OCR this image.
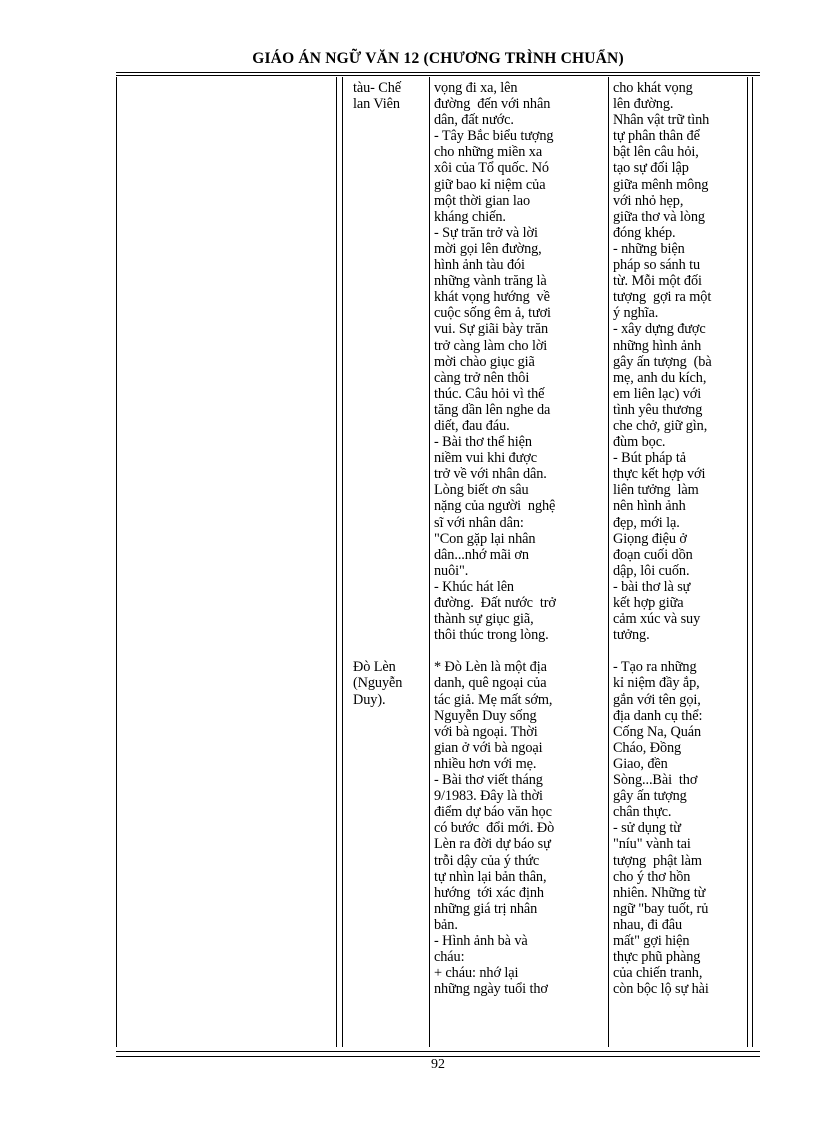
GIÁO ÁN NGỮ VĂN 12 (CHƯƠNG TRÌNH CHUẨN)
tàu- Chế
lan Viên

Đò Lèn
(Nguyễn
Duy).
vọng đi xa, lên
đường  đến với nhân
dân, đất nước.
- Tây Bắc biểu tượng
cho những miền xa
xôi của Tổ quốc. Nó
giữ bao kỉ niệm của
một thời gian lao
kháng chiến.
- Sự trăn trở và lời
mời gọi lên đường,
hình ảnh tàu đói
những vành trăng là
khát vọng hướng  về
cuộc sống êm ả, tươi
vui. Sự giãi bày trăn
trở càng làm cho lời
mời chào giục giã
càng trở nên thôi
thúc. Câu hỏi vì thế
tăng dần lên nghe da
diết, đau đáu.
- Bài thơ thể hiện
niềm vui khi được
trở về với nhân dân.
Lòng biết ơn sâu
nặng của người  nghệ
sĩ với nhân dân:
"Con gặp lại nhân
dân...nhớ mãi ơn
nuôi".
- Khúc hát lên
đường.  Đất nước  trở
thành sự giục giã,
thôi thúc trong lòng.

* Đò Lèn là một địa
danh, quê ngoại của
tác giả. Mẹ mất sớm,
Nguyễn Duy sống
với bà ngoại. Thời
gian ở với bà ngoại
nhiều hơn với mẹ.
- Bài thơ viết tháng
9/1983. Đây là thời
điểm dự báo văn học
có bước  đổi mới. Đò
Lèn ra đời dự báo sự
trỗi dậy của ý thức
tự nhìn lại bản thân,
hướng  tới xác định
những giá trị nhân
bản.
- Hình ảnh bà và
cháu:
+ cháu: nhớ lại
những ngày tuổi thơ
cho khát vọng
lên đường.
Nhân vật trữ tình
tự phân thân để
bật lên câu hỏi,
tạo sự đối lập
giữa mênh mông
với nhỏ hẹp,
giữa thơ và lòng
đóng khép.
- những biện
pháp so sánh tu
từ. Mỗi một đối
tượng  gợi ra một
ý nghĩa.
- xây dựng được
những hình ảnh
gây ấn tượng  (bà
mẹ, anh du kích,
em liên lạc) với
tình yêu thương
che chở, giữ gìn,
đùm bọc.
- Bút pháp tả
thực kết hợp với
liên tưởng  làm
nên hình ảnh
đẹp, mới lạ.
Giọng điệu ở
đoạn cuối dồn
dập, lôi cuốn.
- bài thơ là sự
kết hợp giữa
cảm xúc và suy
tưởng.

- Tạo ra những
kỉ niệm đầy ắp,
gắn với tên gọi,
địa danh cụ thể:
Cống Na, Quán
Cháo, Đồng
Giao, đền
Sòng...Bài  thơ
gây ấn tượng
chân thực.
- sử dụng từ
"níu" vành tai
tượng  phật làm
cho ý thơ hồn
nhiên. Những từ
ngữ "bay tuốt, rủ
nhau, đi đâu
mất" gợi hiện
thực phũ phàng
của chiến tranh,
còn bộc lộ sự hài
92
